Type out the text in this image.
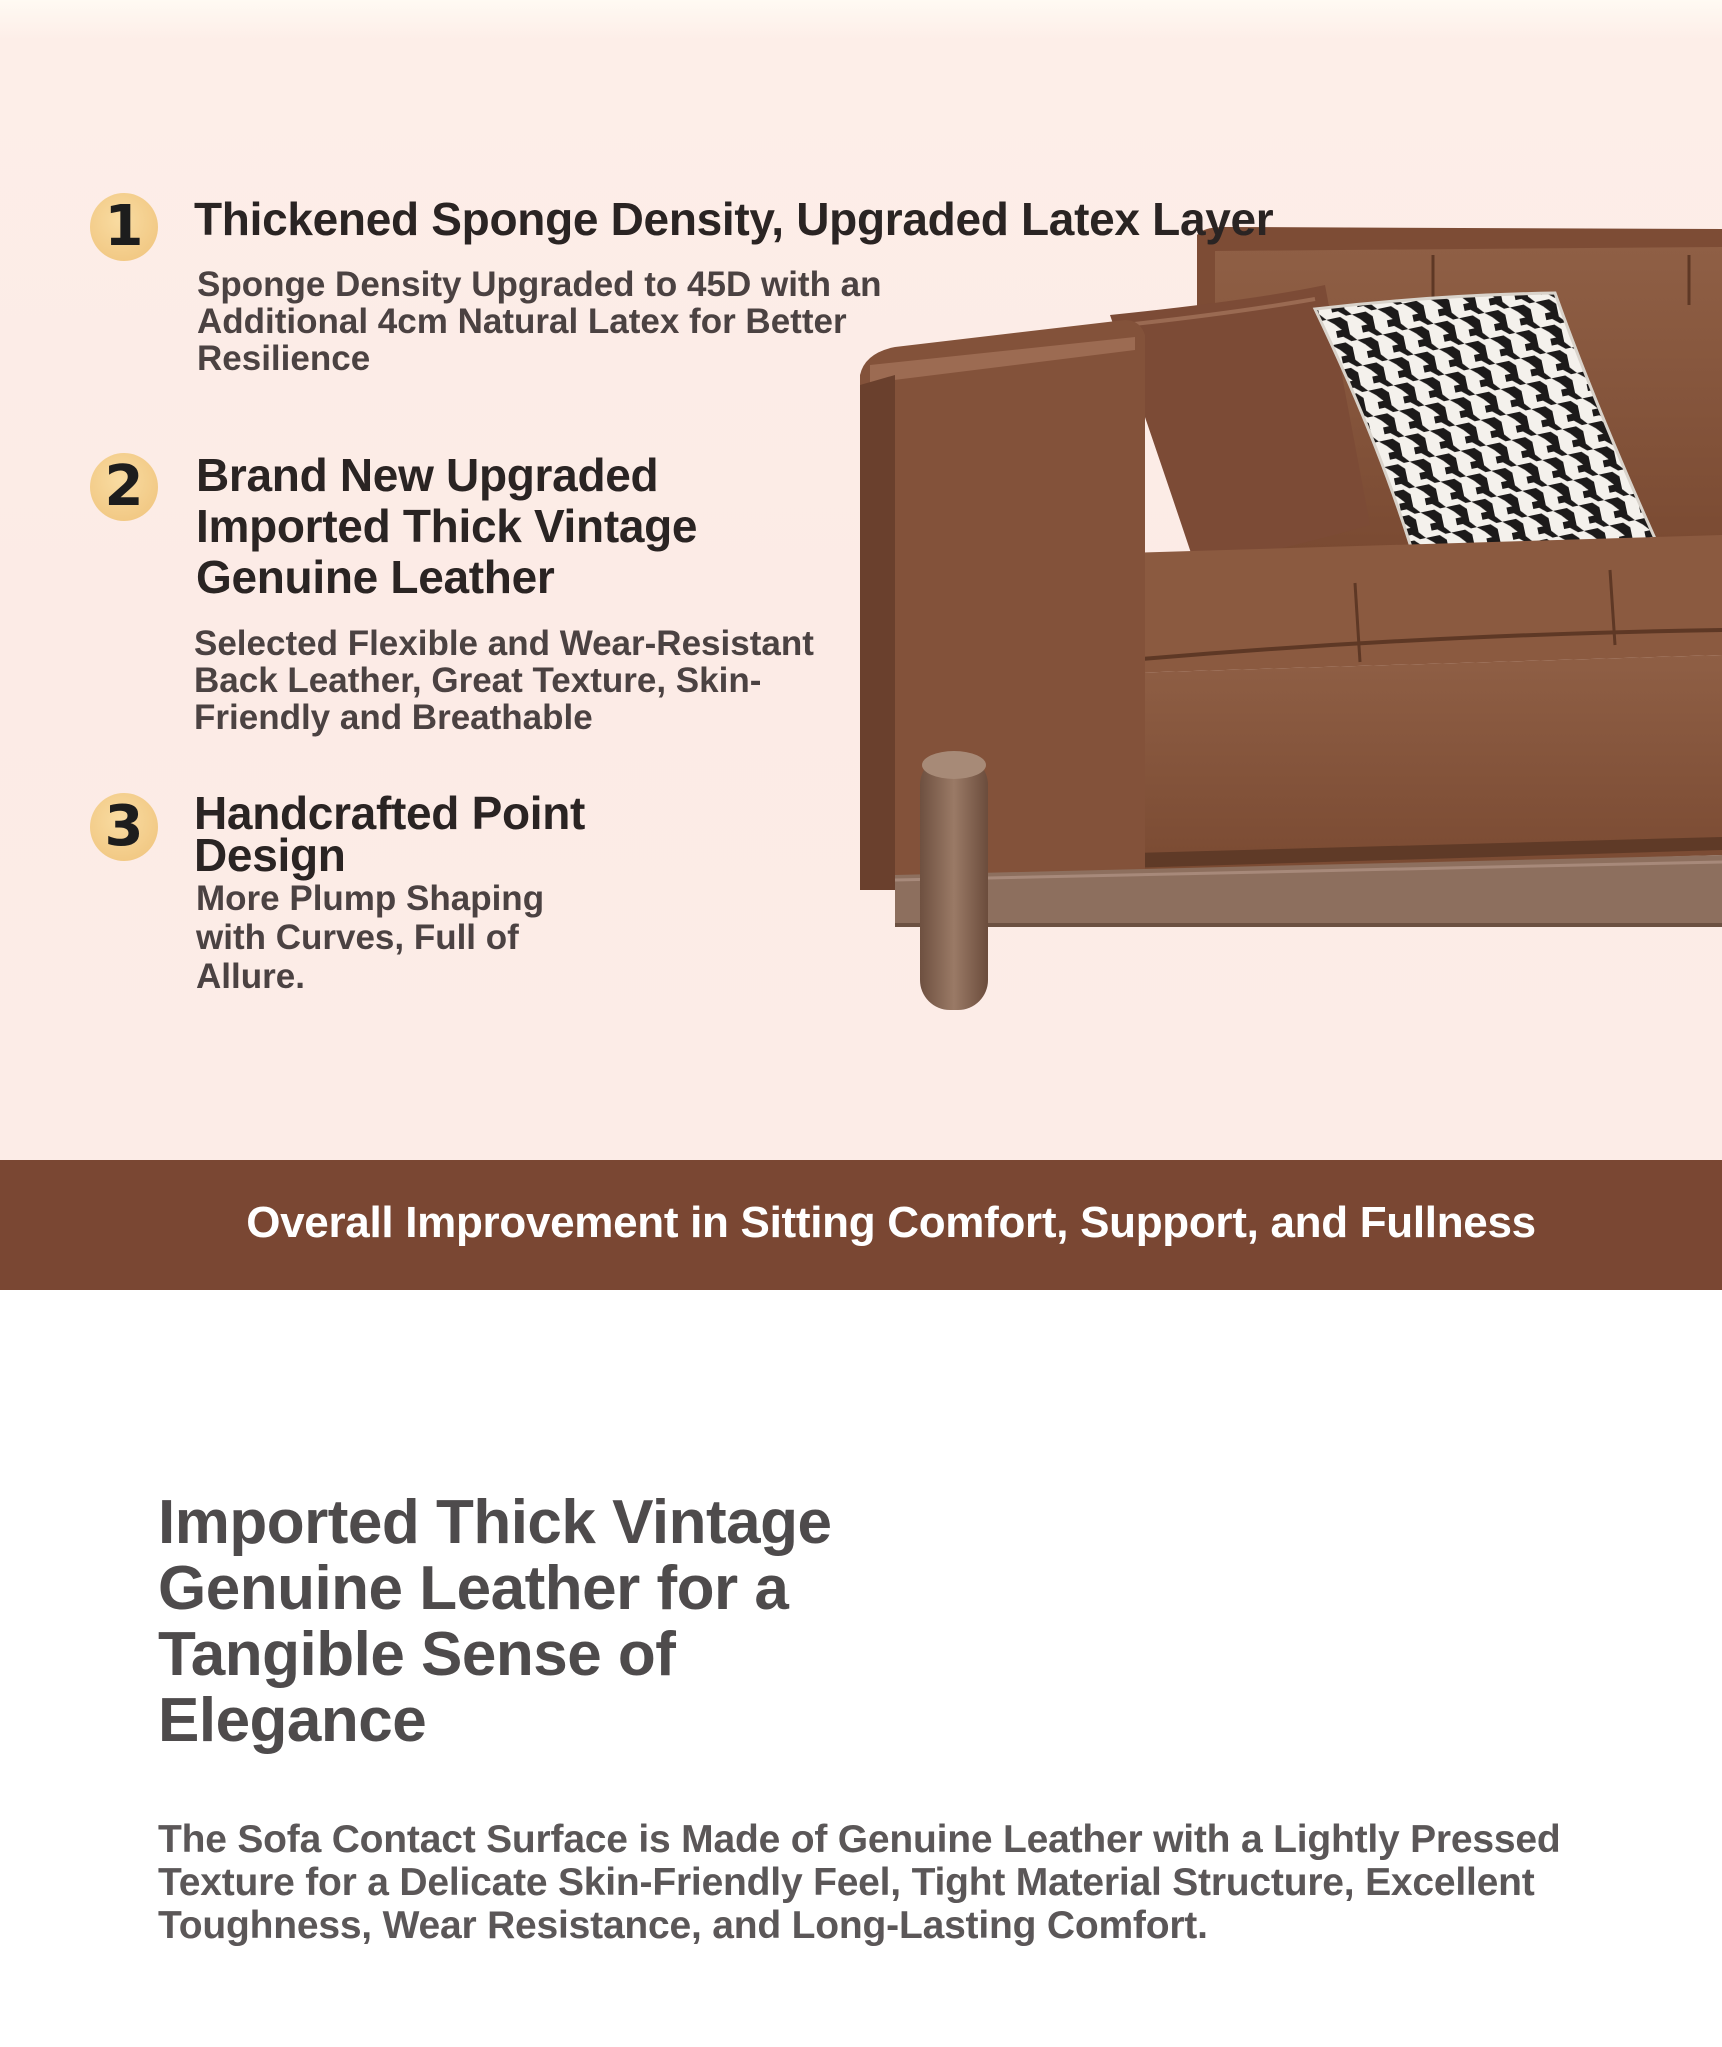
1	Thickened Sponge Density, Upgraded Latex Layer

Sponge Density Upgraded to 45D with an Additional 4cm Natural Latex for Better Resilience

2	Brand New Upgraded Imported Thick Vintage Genuine Leather

Selected Flexible and Wear-Resistant Back Leather, Great Texture, Skin-Friendly and Breathable

3	Handcrafted Point Design

More Plump Shaping with Curves, Full of Allure.

Overall Improvement in Sitting Comfort, Support, and Fullness
Imported Thick Vintage Genuine Leather for a Tangible Sense of Elegance

The Sofa Contact Surface is Made of Genuine Leather with a Lightly Pressed Texture for a Delicate Skin-Friendly Feel, Tight Material Structure, Excellent Toughness, Wear Resistance, and Long-Lasting Comfort.
